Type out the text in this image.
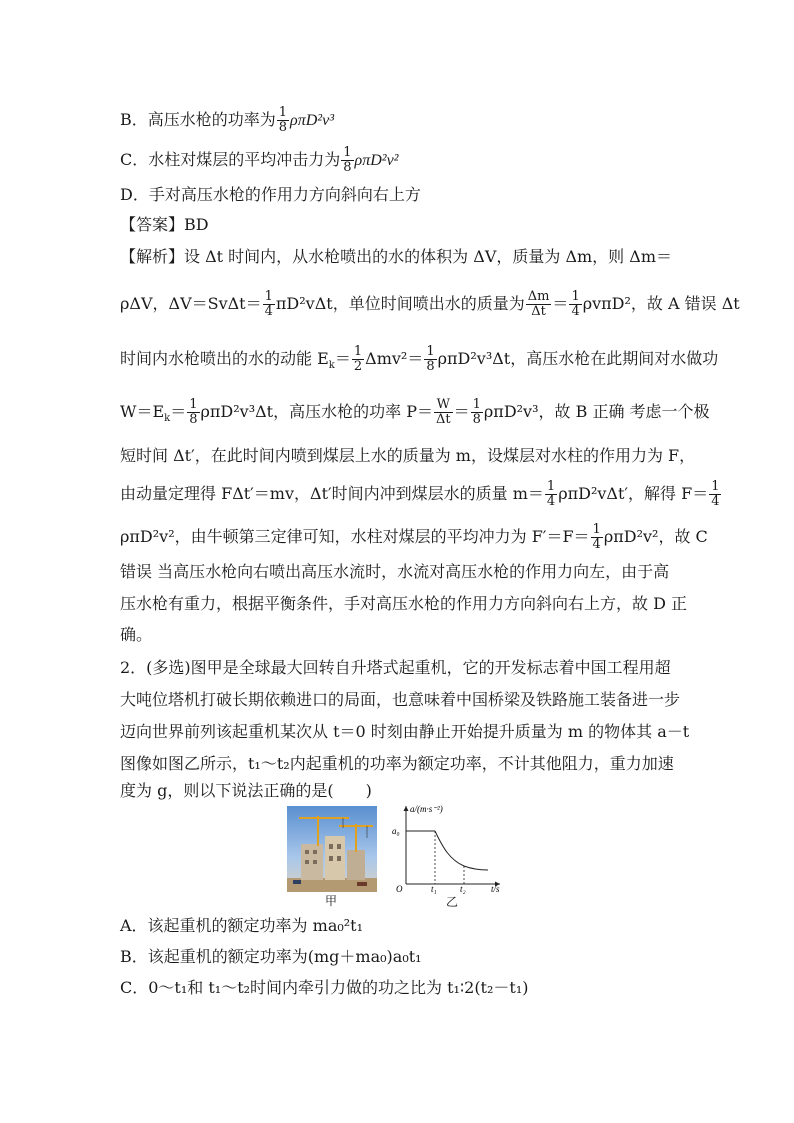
B．高压水枪的功率为 $\frac{1}{8} \rho\pi D^2v^3$
C．水柱对煤层的平均冲击力为 $\frac{1}{8} \rho\pi D^2v^2$
D．手对高压水枪的作用力方向斜向右上方
【答案】BD
【解析】设 Δt 时间内，从水枪喷出的水的体积为 ΔV，质量为 Δm，则 Δm＝
ρΔV，$\Delta V=Sv\Delta t= \frac{1}{4} \pi D^2v\Delta t$，单位时间喷出水的质量为 $\frac{\Delta m}{\Delta t} = \frac{1}{4} \rho v\pi D^2$，故 A 错误 Δt
时间内水枪喷出的水的动能 $E_k= \frac{1}{2} \Delta mv^2= \frac{1}{8} \rho\pi D^2v^3\Delta t$，高压水枪在此期间对水做功
$W=E_k= \frac{1}{8} \rho\pi D^2v^3\Delta t$，高压水枪的功率 $P= \frac{W}{\Delta t} = \frac{1}{8} \rho\pi D^2v^3$，故 B 正确 考虑一个极
短时间 Δt′，在此时间内喷到煤层上水的质量为 m，设煤层对水柱的作用力为 F，
由动量定理得 FΔt′＝mv，Δt′时间内冲到煤层水的质量 $m= \frac{1}{4} \rho\pi D^2v\Delta t'$，解得 $F= \frac{1}{4}$
ρπD²v²，由牛顿第三定律可知，水柱对煤层的平均冲力为 $F'=F= \frac{1}{4} \rho\pi D^2v^2$，故 C
错误 当高压水枪向右喷出高压水流时，水流对高压水枪的作用力向左，由于高
压水枪有重力，根据平衡条件，手对高压水枪的作用力方向斜向右上方，故 D 正
确。
2．(多选)图甲是全球最大回转自升塔式起重机，它的开发标志着中国工程用超
大吨位塔机打破长期依赖进口的局面，也意味着中国桥梁及铁路施工装备进一步
迈向世界前列该起重机某次从 t＝0 时刻由静止开始提升质量为 m 的物体其 a－t
图像如图乙所示，t₁～t₂内起重机的功率为额定功率，不计其他阻力，重力加速
度为 g，则以下说法正确的是(　　)
甲
a/(m·s⁻²)
a₀
O	t₁	t₂	t/s
乙
A．该起重机的额定功率为 ma₀²t₁
B．该起重机的额定功率为(mg＋ma₀)a₀t₁
C．0～t₁和 t₁～t₂时间内牵引力做的功之比为 t₁∶2(t₂－t₁)
